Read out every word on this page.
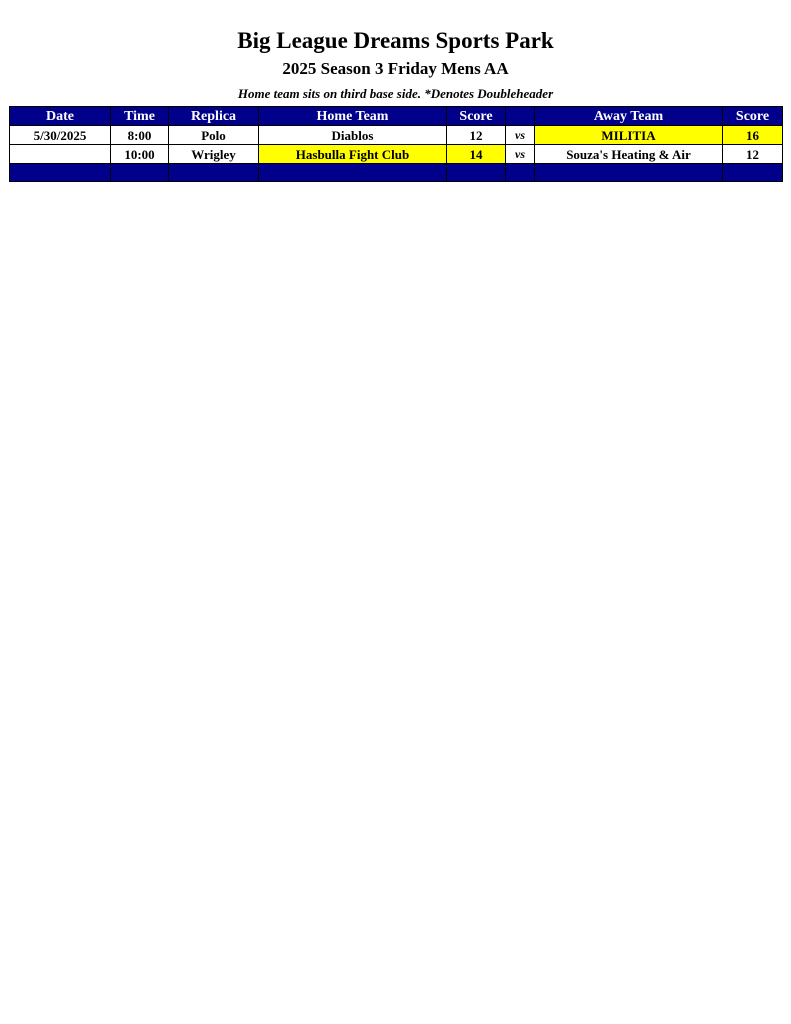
Big League Dreams Sports Park
2025 Season 3 Friday Mens AA
Home team sits on third base side. *Denotes Doubleheader
Date	Time	Replica	Home Team	Score		Away Team	Score
5/30/2025	8:00	Polo	Diablos	12	vs	MILITIA	16
	10:00	Wrigley	Hasbulla Fight Club	14	vs	Souza's Heating & Air	12
